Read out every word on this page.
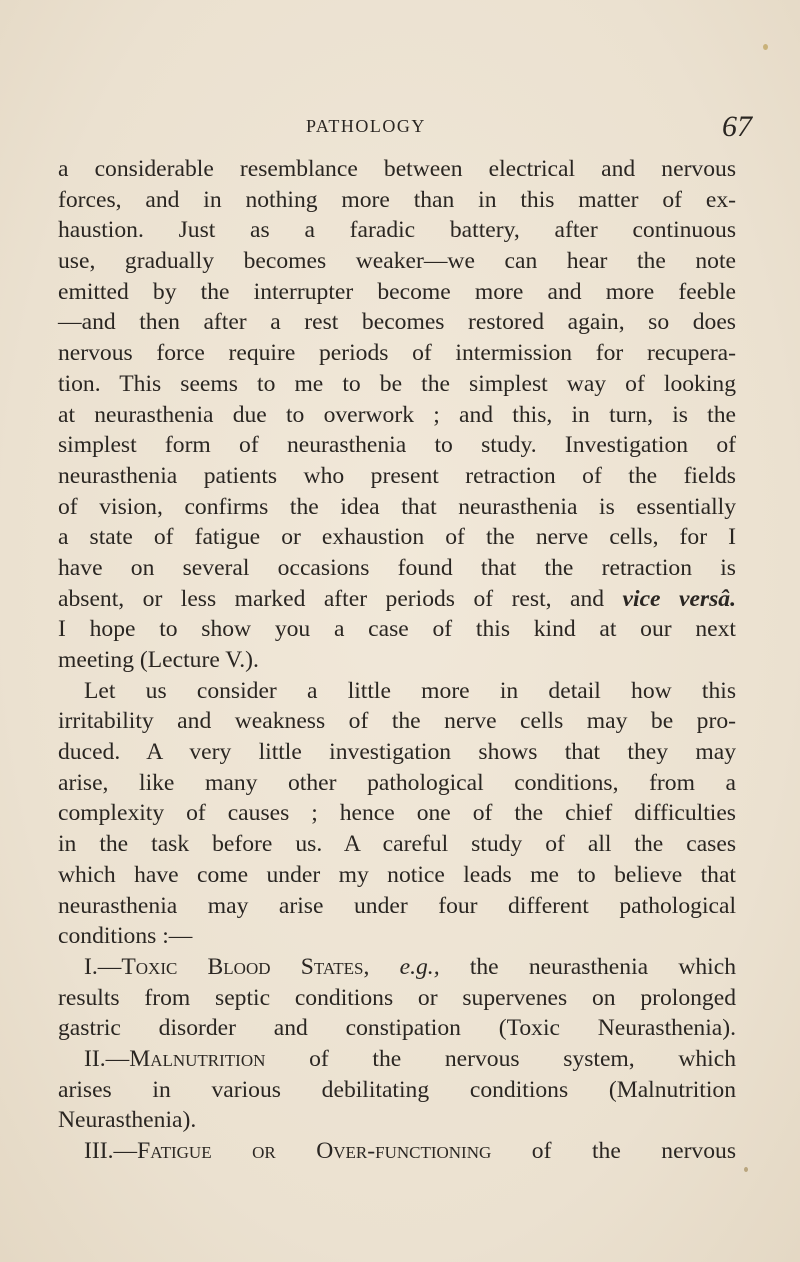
PATHOLOGY	67
a considerable resemblance between electrical and nervous
forces, and in nothing more than in this matter of ex-
haustion. Just as a faradic battery, after continuous
use, gradually becomes weaker—we can hear the note
emitted by the interrupter become more and more feeble
—and then after a rest becomes restored again, so does
nervous force require periods of intermission for recupera-
tion. This seems to me to be the simplest way of looking
at neurasthenia due to overwork ; and this, in turn, is the
simplest form of neurasthenia to study. Investigation of
neurasthenia patients who present retraction of the fields
of vision, confirms the idea that neurasthenia is essentially
a state of fatigue or exhaustion of the nerve cells, for I
have on several occasions found that the retraction is
absent, or less marked after periods of rest, and vice versâ.
I hope to show you a case of this kind at our next
meeting (Lecture V.).
Let us consider a little more in detail how this
irritability and weakness of the nerve cells may be pro-
duced. A very little investigation shows that they may
arise, like many other pathological conditions, from a
complexity of causes ; hence one of the chief difficulties
in the task before us. A careful study of all the cases
which have come under my notice leads me to believe that
neurasthenia may arise under four different pathological
conditions :—
I.—Toxic Blood States, e.g., the neurasthenia which
results from septic conditions or supervenes on prolonged
gastric disorder and constipation (Toxic Neurasthenia).
II.—Malnutrition of the nervous system, which
arises in various debilitating conditions (Malnutrition
Neurasthenia).
III.—Fatigue or Over-functioning of the nervous
